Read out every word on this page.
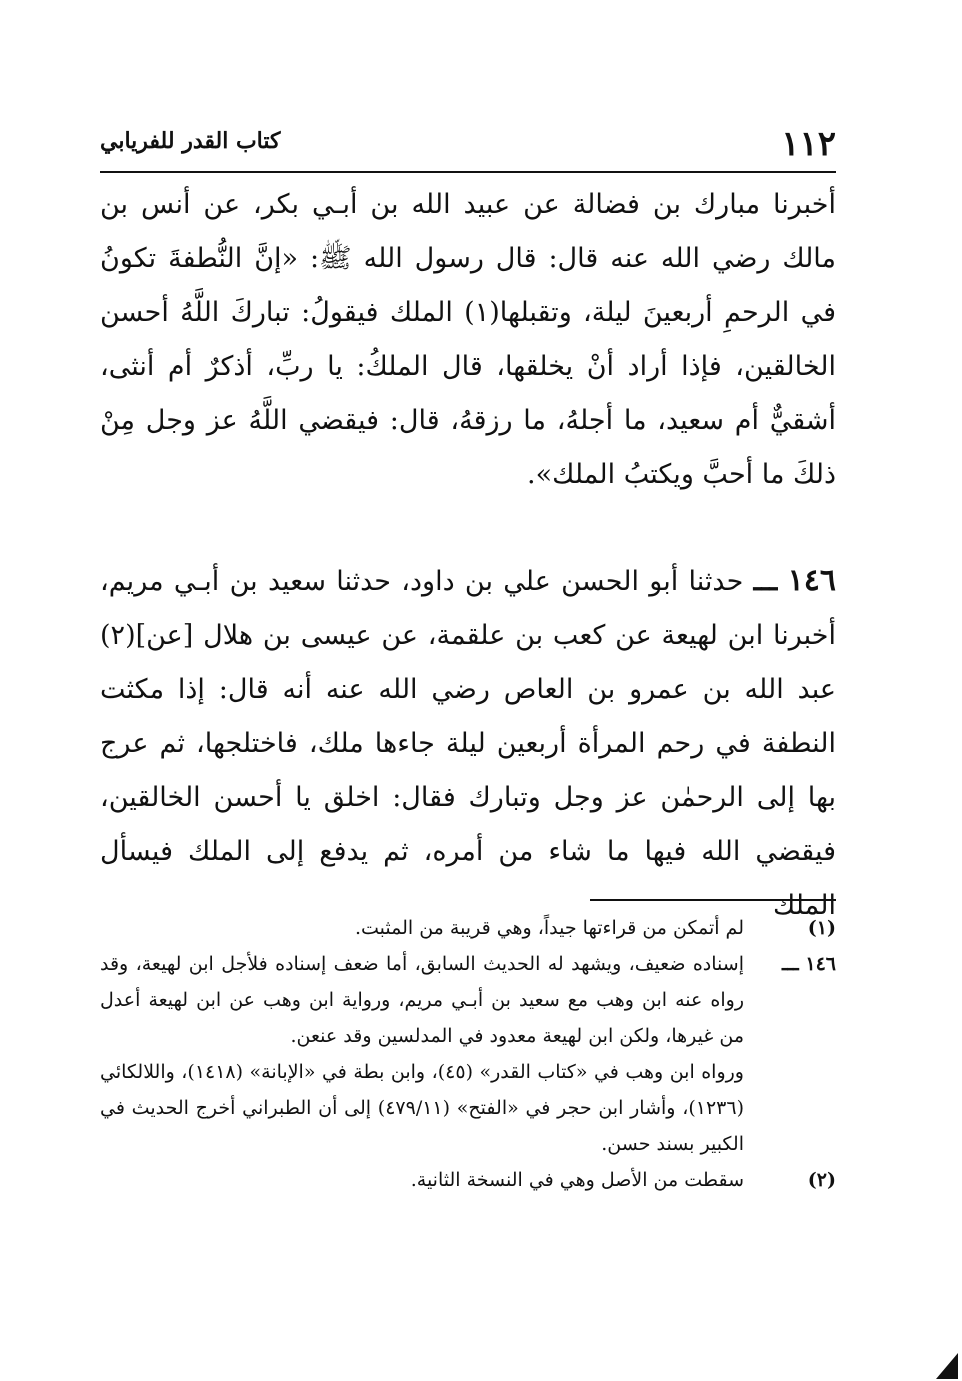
١١٢
كتاب القدر للفريابي

أخبرنا مبارك بن فضالة عن عبيد الله بن أبـي بكر، عن أنس بن مالك رضي الله عنه قال: قال رسول الله ﷺ: «إنَّ النُّطفةَ تكونُ في الرحمِ أربعينَ ليلة، وتقبلها(١) الملك فيقولُ: تباركَ اللَّهُ أحسن الخالقين، فإذا أراد أنْ يخلقها، قال الملكُ: يا ربِّ، أذكرٌ أم أنثى، أشقيٌّ أم سعيد، ما أجلهُ، ما رزقهُ، قال: فيقضي اللَّهُ عز وجل مِنْ ذلكَ ما أحبَّ ويكتبُ الملك».

١٤٦ ـــ حدثنا أبو الحسن علي بن داود، حدثنا سعيد بن أبـي مريم، أخبرنا ابن لهيعة عن كعب بن علقمة، عن عيسى بن هلال [عن](٢) عبد الله بن عمرو بن العاص رضي الله عنه أنه قال: إذا مكثت النطفة في رحم المرأة أربعين ليلة جاءها ملك، فاختلجها، ثم عرج بها إلى الرحمٰن عز وجل وتبارك فقال: اخلق يا أحسن الخالقين، فيقضي الله فيها ما شاء من أمره، ثم يدفع إلى الملك فيسأل الملك

(١)
لم أتمكن من قراءتها جيداً، وهي قريبة من المثبت.

١٤٦ ـــ
إسناده ضعيف، ويشهد له الحديث السابق، أما ضعف إسناده فلأجل ابن لهيعة، وقد رواه عنه ابن وهب مع سعيد بن أبـي مريم، ورواية ابن وهب عن ابن لهيعة أعدل من غيرها، ولكن ابن لهيعة معدود في المدلسين وقد عنعن.

ورواه ابن وهب في «كتاب القدر» (٤٥)، وابن بطة في «الإبانة» (١٤١٨)، واللالكائي (١٢٣٦)، وأشار ابن حجر في «الفتح» (٤٧٩/١١) إلى أن الطبراني أخرج الحديث في الكبير بسند حسن.

(٢)
سقطت من الأصل وهي في النسخة الثانية.
